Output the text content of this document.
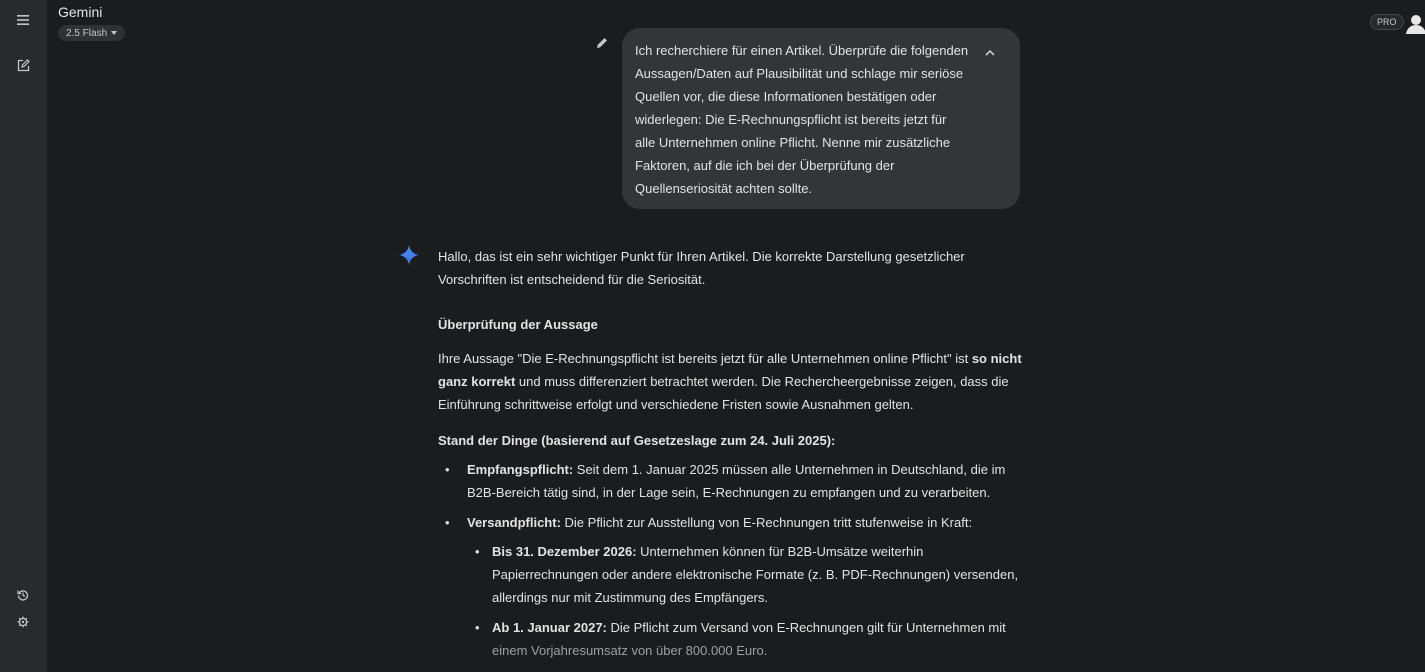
Gemini
2.5 Flash
PRO
Ich recherchiere für einen Artikel. Überprüfe die folgenden Aussagen/Daten auf Plausibilität und schlage mir seriöse Quellen vor, die diese Informationen bestätigen oder widerlegen: Die E-Rechnungspflicht ist bereits jetzt für alle Unternehmen online Pflicht. Nenne mir zusätzliche Faktoren, auf die ich bei der Überprüfung der Quellenseriosität achten sollte.

Hallo, das ist ein sehr wichtiger Punkt für Ihren Artikel. Die korrekte Darstellung gesetzlicher Vorschriften ist entscheidend für die Seriosität.

Überprüfung der Aussage

Ihre Aussage "Die E-Rechnungspflicht ist bereits jetzt für alle Unternehmen online Pflicht" ist so nicht ganz korrekt und muss differenziert betrachtet werden. Die Rechercheergebnisse zeigen, dass die Einführung schrittweise erfolgt und verschiedene Fristen sowie Ausnahmen gelten.

Stand der Dinge (basierend auf Gesetzeslage zum 24. Juli 2025):
• Empfangspflicht: Seit dem 1. Januar 2025 müssen alle Unternehmen in Deutschland, die im B2B-Bereich tätig sind, in der Lage sein, E-Rechnungen zu empfangen und zu verarbeiten.
• Versandpflicht: Die Pflicht zur Ausstellung von E-Rechnungen tritt stufenweise in Kraft:
• Bis 31. Dezember 2026: Unternehmen können für B2B-Umsätze weiterhin Papierrechnungen oder andere elektronische Formate (z. B. PDF-Rechnungen) versenden, allerdings nur mit Zustimmung des Empfängers.
• Ab 1. Januar 2027: Die Pflicht zum Versand von E-Rechnungen gilt für Unternehmen mit einem Vorjahresumsatz von über 800.000 Euro.
